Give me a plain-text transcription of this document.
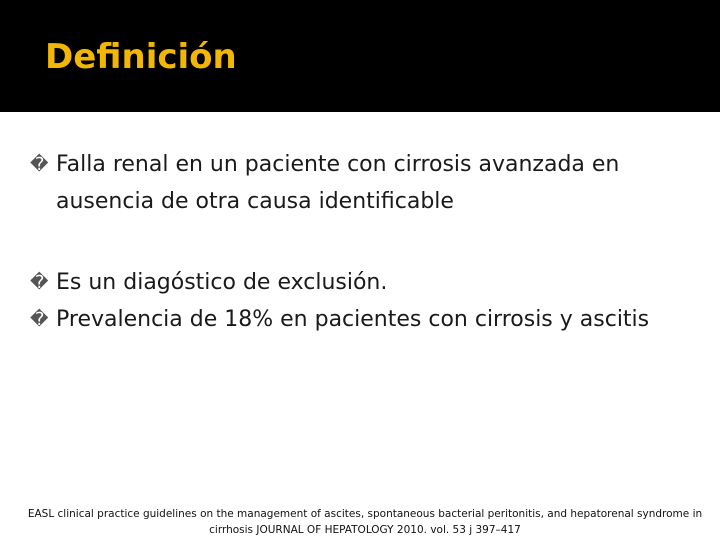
Definición
� Falla renal en un paciente con cirrosis avanzada en ausencia de otra causa identificable
� Es un diagóstico de exclusión.
� Prevalencia de 18% en pacientes con cirrosis y ascitis
EASL clinical practice guidelines on the management of ascites, spontaneous bacterial peritonitis, and hepatorenal syndrome in cirrhosis JOURNAL OF HEPATOLOGY 2010. vol. 53 j 397–417
